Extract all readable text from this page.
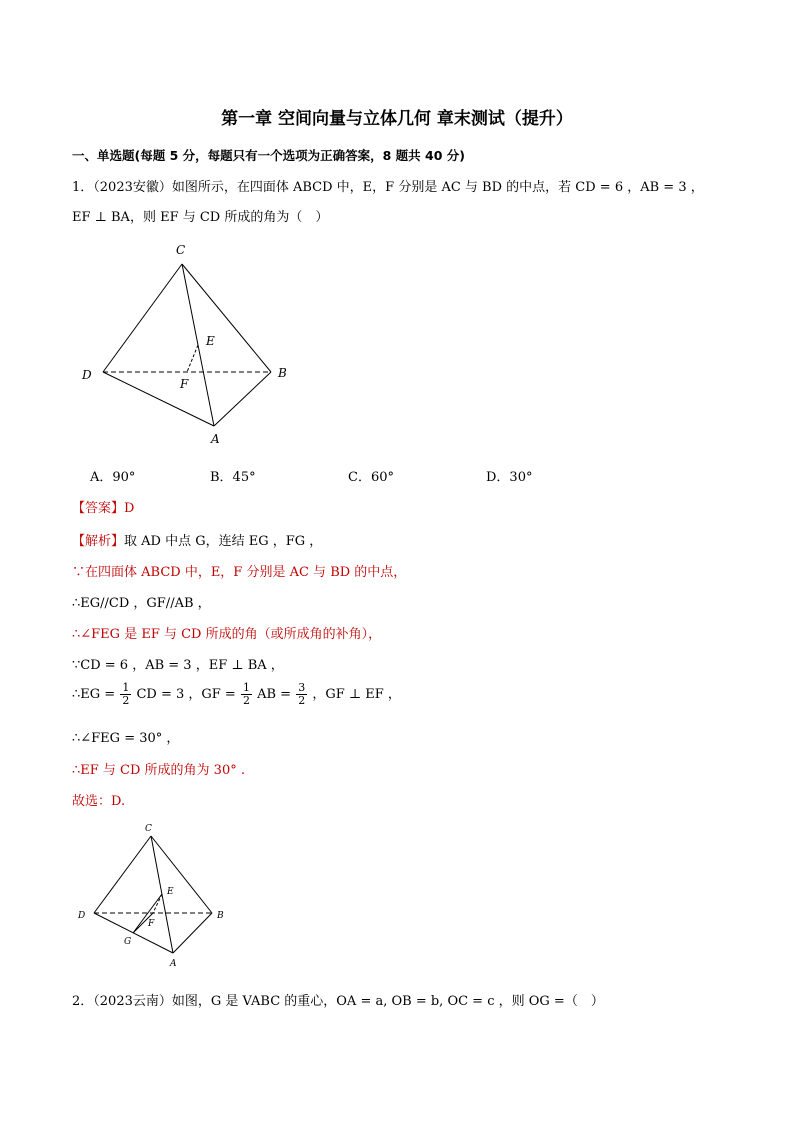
第一章 空间向量与立体几何 章末测试（提升）
一、单选题(每题 5 分，每题只有一个选项为正确答案，8 题共 40 分)
1．（2023安徽）如图所示，在四面体 ABCD 中，E，F 分别是 AC 与 BD 的中点，若 CD = 6 ，AB = 3 ，
EF ⊥ BA，则 EF 与 CD 所成的角为（　）
C
E
D
F
B
A
A．90°	B．45°	C．60°	D．30°
【答案】D
【解析】取 AD 中点 G，连结 EG ，FG ，
∵在四面体 ABCD 中，E，F 分别是 AC 与 BD 的中点，
∴EG//CD ，GF//AB ，
∴∠FEG 是 EF 与 CD 所成的角（或所成角的补角），
∵CD = 6 ，AB = 3 ，EF ⊥ BA ，
∴EG = $\frac{1}{2}$ CD = 3 ，GF = $\frac{1}{2}$ AB = $\frac{3}{2}$ ，GF ⊥ EF ，
∴∠FEG = 30° ，
∴EF 与 CD 所成的角为 30° .
故选：D.
C
E
D
F
B
G
A
2．（2023云南）如图，G 是 VABC 的重心，OA = a, OB = b, OC = c ，则 OG =（　）
